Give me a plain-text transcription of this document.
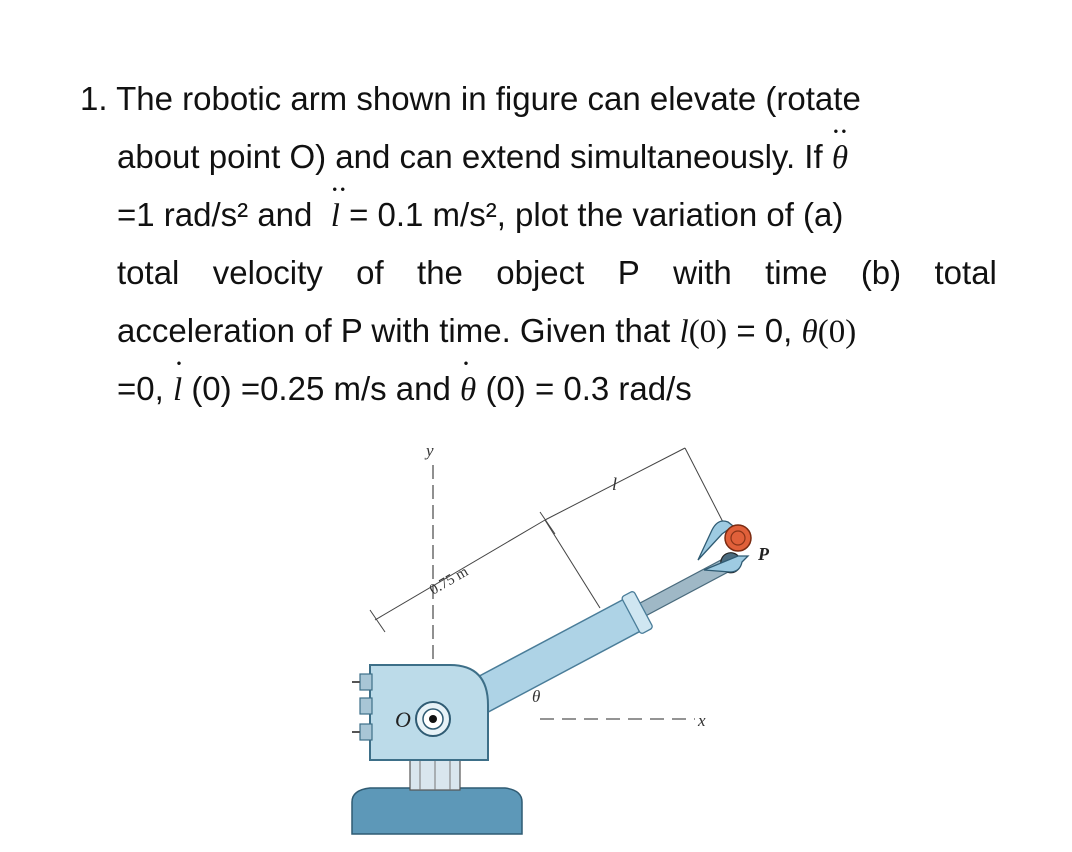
1. The robotic arm shown in figure can elevate (rotate
about point O) and can extend simultaneously. If ·· θ
=1 rad/s² and ·· l = 0.1 m/s², plot the variation of (a)
total velocity of the object P with time (b) total
acceleration of P with time. Given that l(0) = 0, θ(0)
=0, · l (0) =0.25 m/s and · θ (0) = 0.3 rad/s
y
x
0.75 m
l
P
O
θ
